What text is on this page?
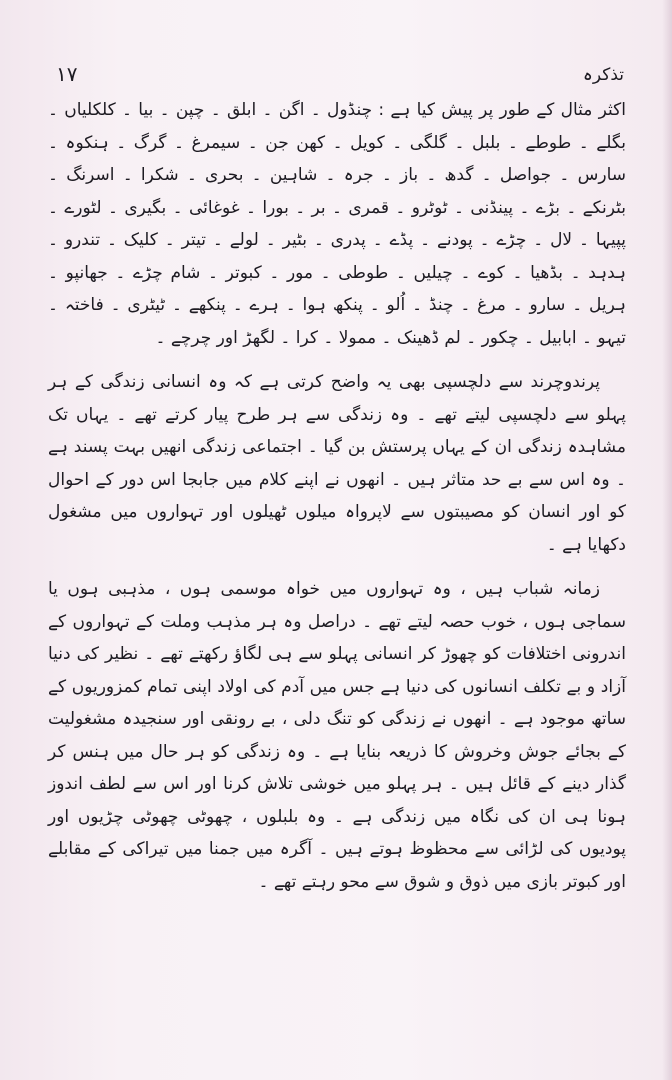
۱۷	تذکرہ

اکثر مثال کے طور پر پیش کیا ہے : چنڈول ۔ اگن ۔ ابلق ۔ چپن ۔ بیا ۔ کلکلیاں ۔ بگلے ۔ طوطے ۔ بلبل ۔ گلگی ۔ کویل ۔ کھن جن ۔ سیمرغ ۔ گرگ ۔ ہنکوہ ۔ سارس ۔ جواصل ۔ گدھ ۔ باز ۔ جرہ ۔ شاہین ۔ بحری ۔ شکرا ۔ اسرنگ ۔ بٹرنکے ۔ بڑے ۔ پینڈنی ۔ ٹوٹرو ۔ قمری ۔ بر ۔ بورا ۔ غوغائی ۔ بگیری ۔ لٹورے ۔ پپیہا ۔ لال ۔ چڑے ۔ پودنے ۔ پڈے ۔ پدری ۔ بٹیر ۔ لولے ۔ تیتر ۔ کلیک ۔ تندرو ۔ ہدہد ۔ بڈھیا ۔ کوے ۔ چیلیں ۔ طوطی ۔ مور ۔ کبوتر ۔ شام چڑے ۔ جھانپو ۔ ہریل ۔ سارو ۔ مرغ ۔ چنڈ ۔ اُلو ۔ پنکھ ہوا ۔ ہرے ۔ پنکھے ۔ ٹیٹری ۔ فاختہ ۔ تیہو ۔ ابابیل ۔ چکور ۔ لم ڈھینک ۔ ممولا ۔ کرا ۔ لگھڑ اور چرچے ۔

پرندوچرند سے دلچسپی بھی یہ واضح کرتی ہے کہ وہ انسانی زندگی کے ہر پہلو سے دلچسپی لیتے تھے ۔ وہ زندگی سے ہر طرح پیار کرتے تھے ۔ یہاں تک مشاہدہ زندگی ان کے یہاں پرستش بن گیا ۔ اجتماعی زندگی انھیں بہت پسند ہے ۔ وہ اس سے بے حد متاثر ہیں ۔ انھوں نے اپنے کلام میں جابجا اس دور کے احوال کو اور انسان کو مصیبتوں سے لاپرواہ میلوں ٹھیلوں اور تہواروں میں مشغول دکھایا ہے ۔

زمانہ شباب ہیں ، وہ تہواروں میں خواہ موسمی ہوں ، مذہبی ہوں یا سماجی ہوں ، خوب حصہ لیتے تھے ۔ دراصل وہ ہر مذہب وملت کے تہواروں کے اندرونی اختلافات کو چھوڑ کر انسانی پہلو سے ہی لگاؤ رکھتے تھے ۔ نظیر کی دنیا آزاد و بے تکلف انسانوں کی دنیا ہے جس میں آدم کی اولاد اپنی تمام کمزوریوں کے ساتھ موجود ہے ۔ انھوں نے زندگی کو تنگ دلی ، بے رونقی اور سنجیدہ مشغولیت کے بجائے جوش وخروش کا ذریعہ بنایا ہے ۔ وہ زندگی کو ہر حال میں ہنس کر گذار دینے کے قائل ہیں ۔ ہر پہلو میں خوشی تلاش کرنا اور اس سے لطف اندوز ہونا ہی ان کی نگاہ میں زندگی ہے ۔ وہ بلبلوں ، چھوٹی چھوٹی چڑیوں اور پودیوں کی لڑائی سے محظوظ ہوتے ہیں ۔ آگرہ میں جمنا میں تیراکی کے مقابلے اور کبوتر بازی میں ذوق و شوق سے محو رہتے تھے ۔
